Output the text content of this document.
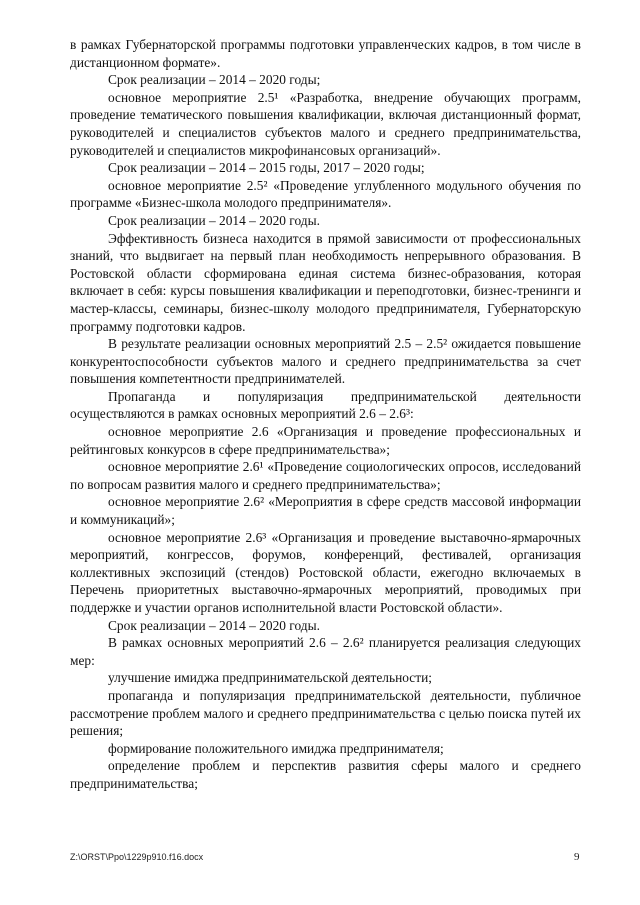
в рамках Губернаторской программы подготовки управленческих кадров, в том числе в дистанционном формате».

Срок реализации – 2014 – 2020 годы;

основное мероприятие 2.5¹ «Разработка, внедрение обучающих программ, проведение тематического повышения квалификации, включая дистанционный формат, руководителей и специалистов субъектов малого и среднего предпринимательства, руководителей и специалистов микрофинансовых организаций».

Срок реализации – 2014 – 2015 годы, 2017 – 2020 годы;

основное мероприятие 2.5² «Проведение углубленного модульного обучения по программе «Бизнес-школа молодого предпринимателя».

Срок реализации – 2014 – 2020 годы.

Эффективность бизнеса находится в прямой зависимости от профессиональных знаний, что выдвигает на первый план необходимость непрерывного образования. В Ростовской области сформирована единая система бизнес-образования, которая включает в себя: курсы повышения квалификации и переподготовки, бизнес-тренинги и мастер-классы, семинары, бизнес-школу молодого предпринимателя, Губернаторскую программу подготовки кадров.

В результате реализации основных мероприятий 2.5 – 2.5² ожидается повышение конкурентоспособности субъектов малого и среднего предпринимательства за счет повышения компетентности предпринимателей.

Пропаганда и популяризация предпринимательской деятельности осуществляются в рамках основных мероприятий 2.6 – 2.6³:

основное мероприятие 2.6 «Организация и проведение профессиональных и рейтинговых конкурсов в сфере предпринимательства»;

основное мероприятие 2.6¹ «Проведение социологических опросов, исследований по вопросам развития малого и среднего предпринимательства»;

основное мероприятие 2.6² «Мероприятия в сфере средств массовой информации и коммуникаций»;

основное мероприятие 2.6³ «Организация и проведение выставочно-ярмарочных мероприятий, конгрессов, форумов, конференций, фестивалей, организация коллективных экспозиций (стендов) Ростовской области, ежегодно включаемых в Перечень приоритетных выставочно-ярмарочных мероприятий, проводимых при поддержке и участии органов исполнительной власти Ростовской области».

Срок реализации – 2014 – 2020 годы.

В рамках основных мероприятий 2.6 – 2.6² планируется реализация следующих мер:

улучшение имиджа предпринимательской деятельности;

пропаганда и популяризация предпринимательской деятельности, публичное рассмотрение проблем малого и среднего предпринимательства с целью поиска путей их решения;

формирование положительного имиджа предпринимателя;

определение проблем и перспектив развития сферы малого и среднего предпринимательства;

Z:\ORST\Ppo\1229p910.f16.docx	9
